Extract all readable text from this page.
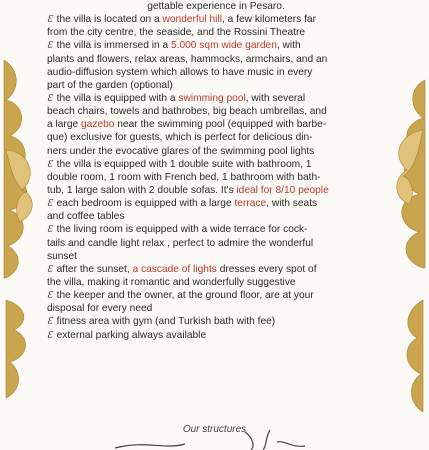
gettable experience in Pesaro.
Ɛ the villa is located on a wonderful hill, a few kilometers far
from the city centre, the seaside, and the Rossini Theatre
Ɛ the villa is immersed in a 5.000 sqm wide garden, with
plants and flowers, relax areas, hammocks, armchairs, and an
audio-diffusion system which allows to have music in every
part of the garden (optional)
Ɛ the villa is equipped with a swimming pool, with several
beach chairs, towels and bathrobes, big beach umbrellas, and
a large gazebo near the swimming pool (equipped with barbe-
que) exclusive for guests, which is perfect for delicious din-
ners under the evocative glares of the swimming pool lights
Ɛ the villa is equipped with 1 double suite with bathroom, 1
double room, 1 room with French bed, 1 bathroom with bath-
tub, 1 large salon with 2 double sofas. It's ideal for 8/10 people
Ɛ each bedroom is equipped with a large terrace, with seats
and coffee tables
Ɛ the living room is equipped with a wide terrace for cock-
tails and candle light relax , perfect to admire the wonderful
sunset
Ɛ after the sunset, a cascade of lights dresses every spot of
the villa, making it romantic and wonderfully suggestive
Ɛ the keeper and the owner, at the ground floor, are at your
disposal for every need
Ɛ fitness area with gym (and Turkish bath with fee)
Ɛ external parking always available
Our structures
